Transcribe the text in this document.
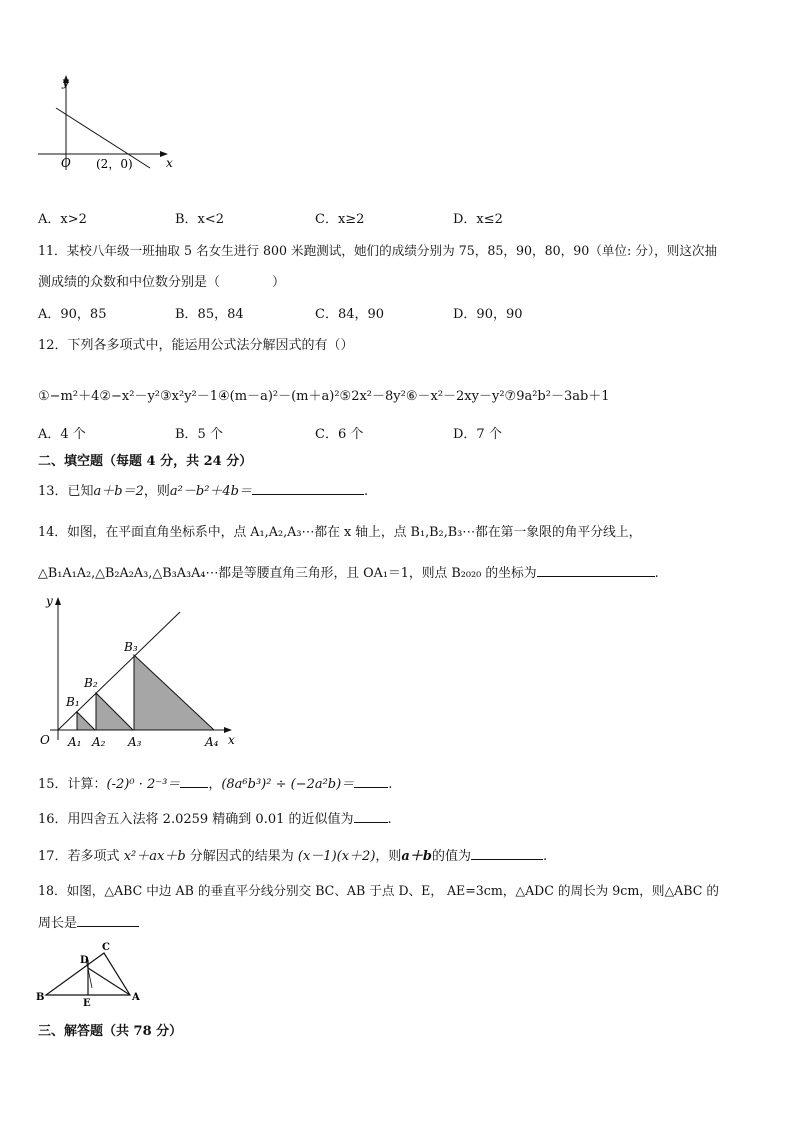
y
x
O (2，0)
A．x>2	B．x<2	C．x≥2	D．x≤2
11．某校八年级一班抽取 5 名女生进行 800 米跑测试，她们的成绩分别为 75，85，90，80，90（单位: 分），则这次抽
测成绩的众数和中位数分别是（　　　　）
A．90，85	B．85，84	C．84，90	D．90，90
12．下列各多项式中，能运用公式法分解因式的有（）
①−m²＋4②−x²－y²③x²y²－1④(m－a)²－(m＋a)²⑤2x²－8y²⑥－x²－2xy－y²⑦9a²b²－3ab＋1
A．4 个	B．5 个	C．6 个	D．7 个
二、填空题（每题 4 分，共 24 分）
13．已知a＋b＝2，则a²－b²＋4b＝	.
14．如图，在平面直角坐标系中，点 A₁,A₂,A₃⋯都在 x 轴上，点 B₁,B₂,B₃⋯都在第一象限的角平分线上，
△B₁A₁A₂,△B₂A₂A₃,△B₃A₃A₄⋯都是等腰直角三角形，且 OA₁＝1，则点 B₂₀₂₀ 的坐标为	.
y
x
O A₁ A₂ A₃	A₄
B₁
B₂
B₃
15．计算：(-2)⁰ · 2⁻³＝ ，(8a⁶b³)² ÷ (−2a²b)＝	.
16．用四舍五入法将 2.0259 精确到 0.01 的近似值为	.
17．若多项式 x²＋ax＋b 分解因式的结果为 (x－1)(x＋2)，则a＋b的值为	.
18．如图，△ABC 中边 AB 的垂直平分线分别交 BC、AB 于点 D、E， AE=3cm，△ADC 的周长为 9cm，则△ABC 的
周长是
B	A
C
D
E
三、解答题（共 78 分）
